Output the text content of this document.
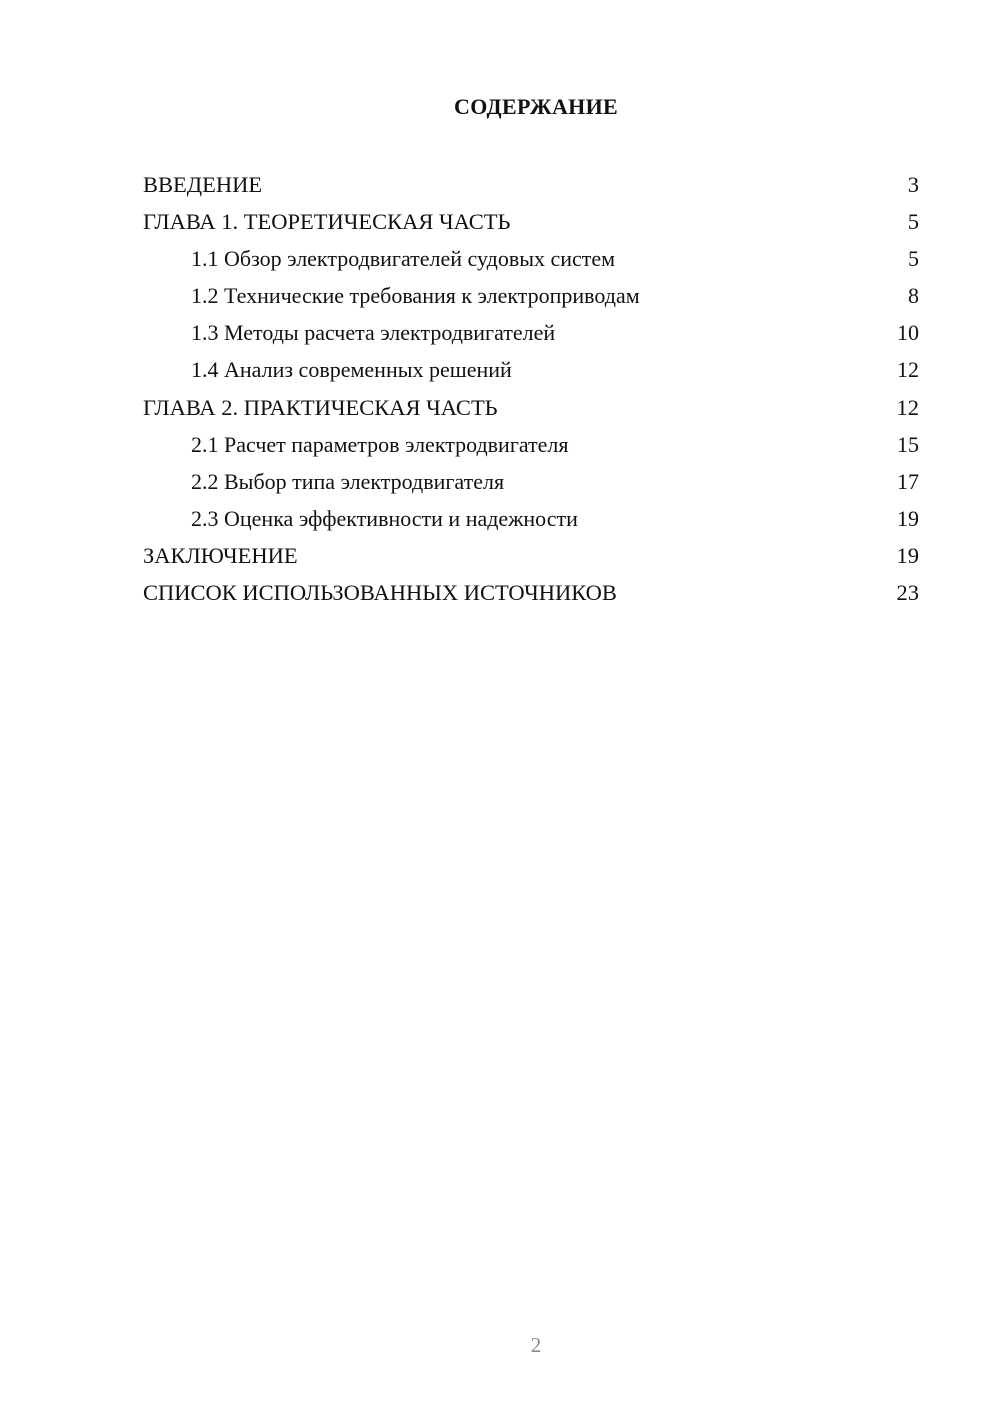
СОДЕРЖАНИЕ
ВВЕДЕНИЕ	3
ГЛАВА 1. ТЕОРЕТИЧЕСКАЯ ЧАСТЬ	5
1.1 Обзор электродвигателей судовых систем	5
1.2 Технические требования к электроприводам	8
1.3 Методы расчета электродвигателей	10
1.4 Анализ современных решений	12
ГЛАВА 2. ПРАКТИЧЕСКАЯ ЧАСТЬ	12
2.1 Расчет параметров электродвигателя	15
2.2 Выбор типа электродвигателя	17
2.3 Оценка эффективности и надежности	19
ЗАКЛЮЧЕНИЕ	19
СПИСОК ИСПОЛЬЗОВАННЫХ ИСТОЧНИКОВ	23
2
